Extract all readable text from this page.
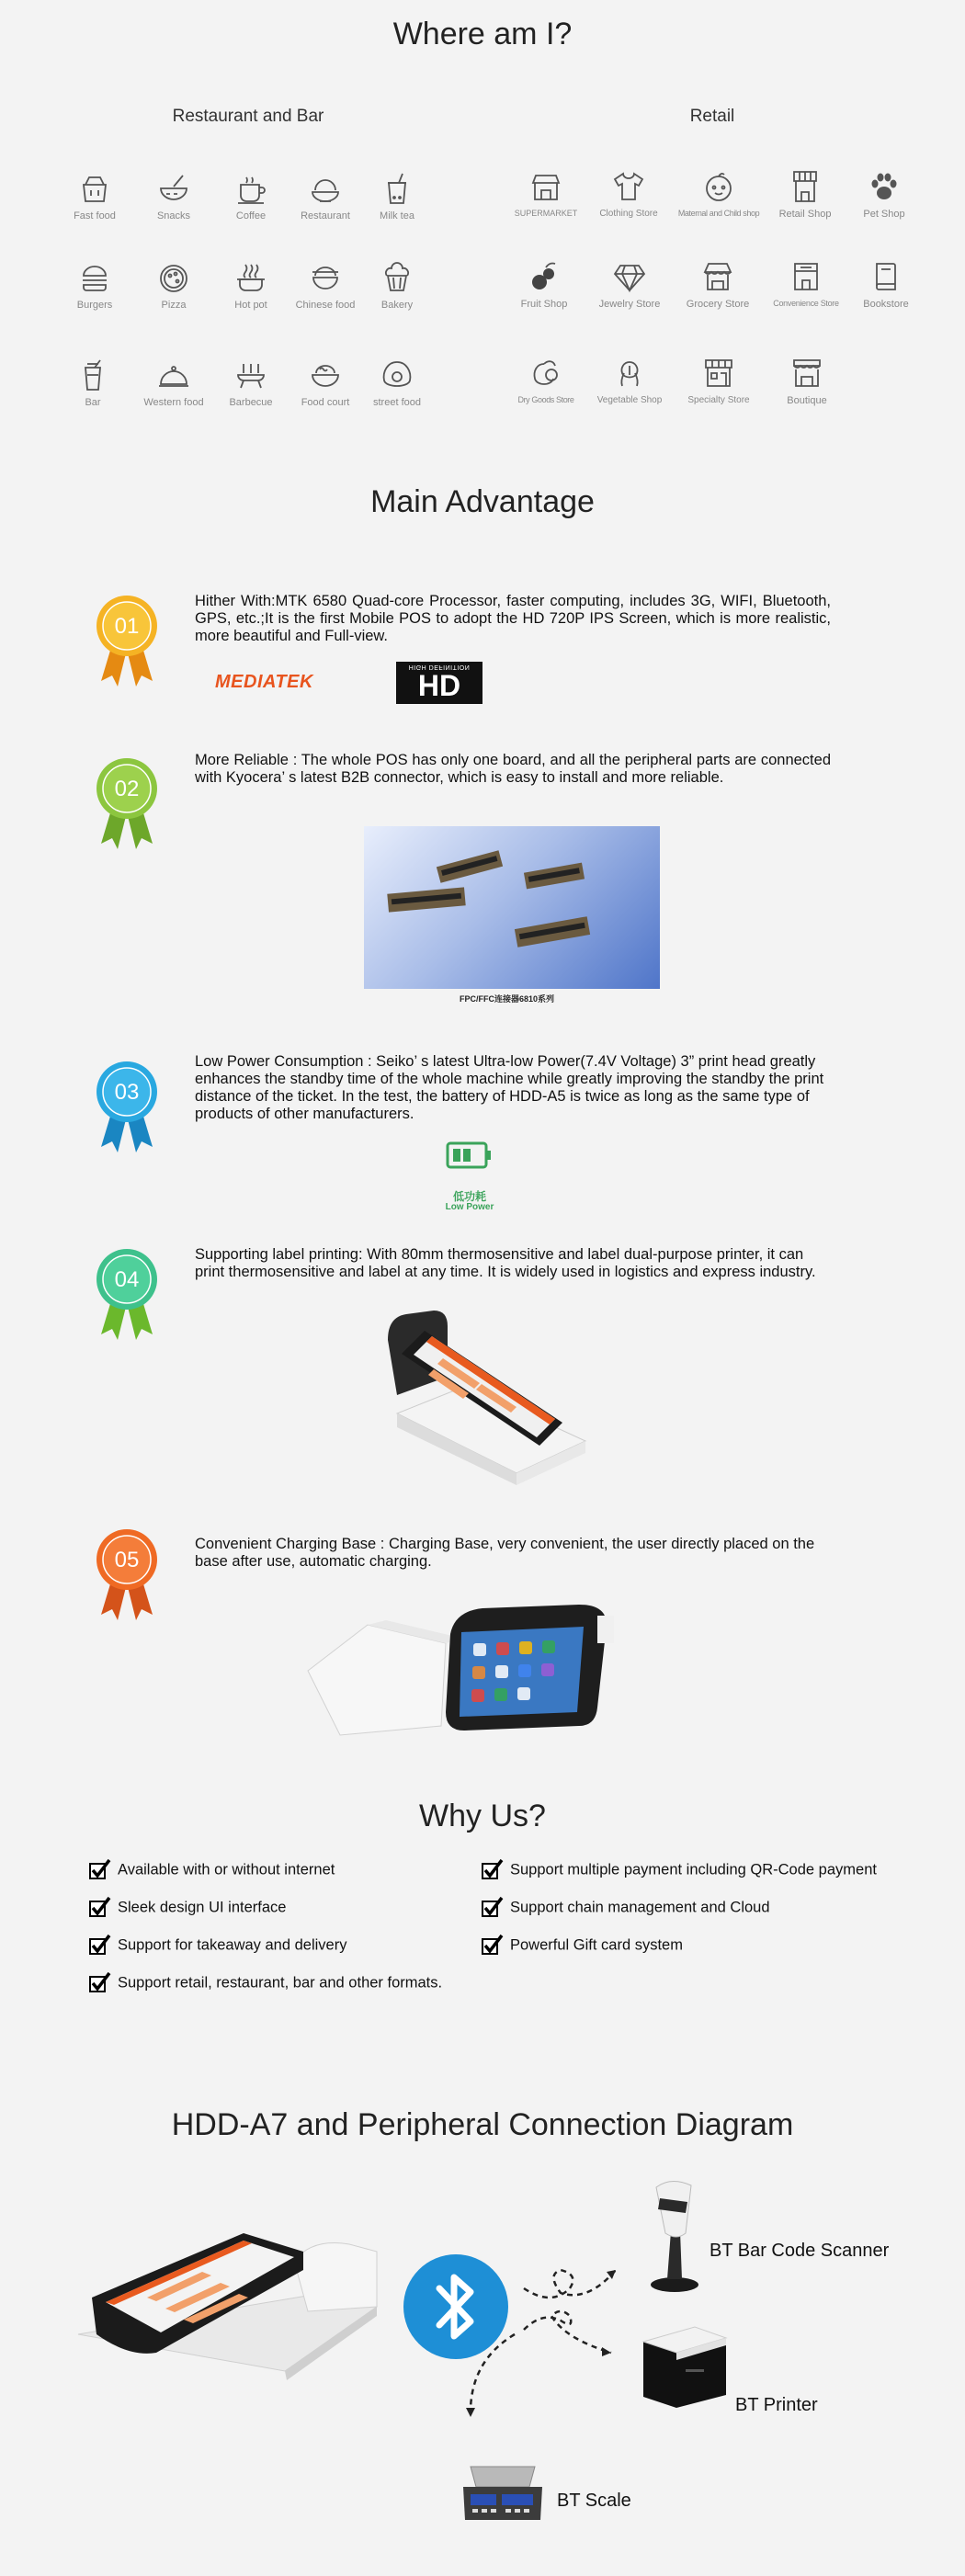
Where am I?
Restaurant and Bar	Retail
Fast food	Snacks	Coffee	Restaurant	Milk tea
Burgers	Pizza	Hot pot	Chinese food	Bakery
Bar	Western food	Barbecue	Food court	street food
SUPERMARKET	Clothing Store	Maternal and Child shop	Retail Shop	Pet Shop
Fruit Shop	Jewelry Store	Grocery Store	Convenience Store	Bookstore
Dry Goods Store	Vegetable Shop	Specialty Store	Boutique
Main Advantage
01
02
03
04
05
Hither With:MTK 6580 Quad-core Processor, faster computing, includes 3G, WIFI, Bluetooth, GPS, etc.;It is the first Mobile POS to adopt the HD 720P IPS Screen, which is more realistic, more beautiful and Full-view.
More Reliable : The whole POS has only one board, and all the peripheral parts are connected with Kyocera’ s latest B2B connector, which is easy to install and more reliable.
Low Power Consumption : Seiko’ s latest Ultra-low Power(7.4V Voltage) 3” print head greatly enhances the standby time of the whole machine while greatly improving the standby the print distance of the ticket. In the test, the battery of HDD-A5 is twice as long as the same type of products of other manufacturers.
Supporting label printing: With 80mm thermosensitive and label dual-purpose printer, it can print thermosensitive and label at any time. It is widely used in logistics and express industry.
Convenient Charging Base : Charging Base, very convenient, the user directly placed on the base after use, automatic charging.
MEDIATEK
HIGH DEFINITION
HD
FPC/FFC连接器6810系列
低功耗
Low Power
Why Us?
Available with or without internet
Sleek design UI interface
Support for takeaway and delivery
Support retail, restaurant, bar and other formats.
Support multiple payment including QR-Code payment
Support chain management and Cloud
Powerful Gift card system
HDD-A7 and Peripheral Connection Diagram
BT Bar Code Scanner
BT Printer
BT Scale
